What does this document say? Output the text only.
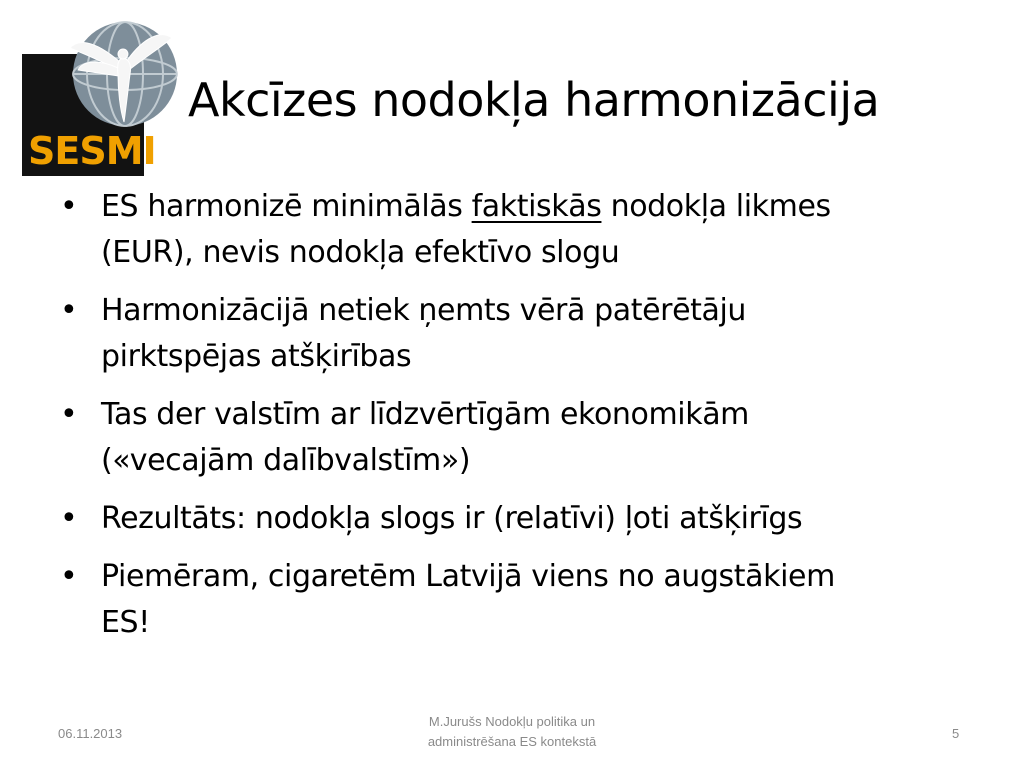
SESMI
Akcīzes nodokļa harmonizācija
• ES harmonizē minimālās faktiskās nodokļa likmes
(EUR), nevis nodokļa efektīvo slogu
• Harmonizācijā netiek ņemts vērā patērētāju
pirktspējas atšķirības
• Tas der valstīm ar līdzvērtīgām ekonomikām
(«vecajām dalībvalstīm»)
• Rezultāts: nodokļa slogs ir (relatīvi) ļoti atšķirīgs
• Piemēram, cigaretēm Latvijā viens no augstākiem
ES!
06.11.2013
M.Jurušs Nodokļu politika un
administrēšana ES kontekstā
5
